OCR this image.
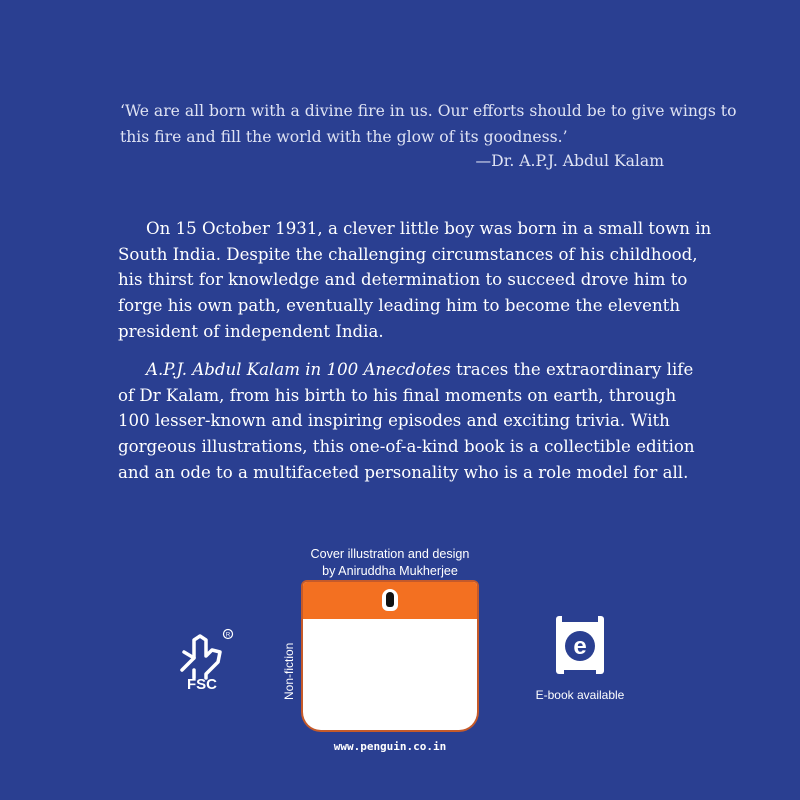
‘We are all born with a divine fire in us. Our efforts should be to give wings to
this fire and fill the world with the glow of its goodness.’
—Dr. A.P.J. Abdul Kalam
On 15 October 1931, a clever little boy was born in a small town in
South India. Despite the challenging circumstances of his childhood,
his thirst for knowledge and determination to succeed drove him to
forge his own path, eventually leading him to become the eleventh
president of independent India.
A.P.J. Abdul Kalam in 100 Anecdotes traces the extraordinary life
of Dr Kalam, from his birth to his final moments on earth, through
100 lesser-known and inspiring episodes and exciting trivia. With
gorgeous illustrations, this one-of-a-kind book is a collectible edition
and an ode to a multifaceted personality who is a role model for all.
Cover illustration and design
by Aniruddha Mukherjee
Non-fiction
www.penguin.co.in
R
FSC
e
E-book available
